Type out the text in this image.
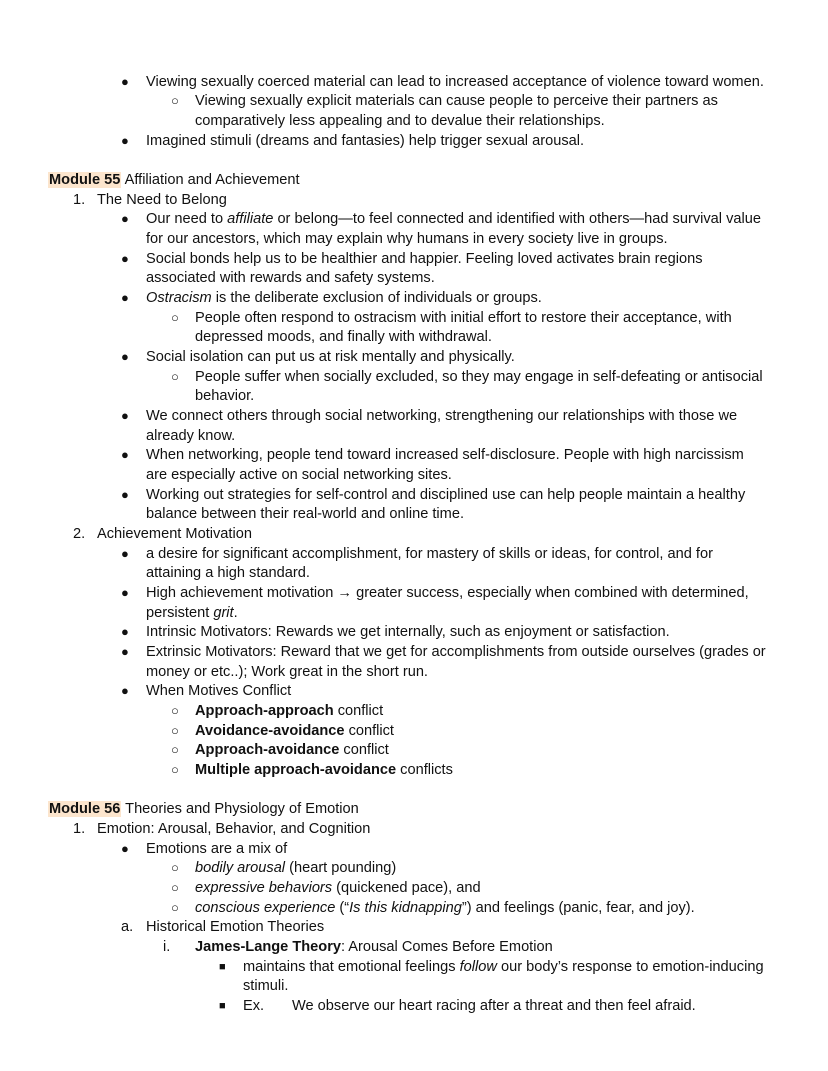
● Viewing sexually coerced material can lead to increased acceptance of violence toward women.
○ Viewing sexually explicit materials can cause people to perceive their partners as
comparatively less appealing and to devalue their relationships.
● Imagined stimuli (dreams and fantasies) help trigger sexual arousal.
Module 55 Affiliation and Achievement
1. The Need to Belong
● Our need to affiliate or belong—to feel connected and identified with others—had survival value
for our ancestors, which may explain why humans in every society live in groups.
● Social bonds help us to be healthier and happier. Feeling loved activates brain regions
associated with rewards and safety systems.
● Ostracism is the deliberate exclusion of individuals or groups.
○ People often respond to ostracism with initial effort to restore their acceptance, with
depressed moods, and finally with withdrawal.
● Social isolation can put us at risk mentally and physically.
○ People suffer when socially excluded, so they may engage in self-defeating or antisocial
behavior.
● We connect others through social networking, strengthening our relationships with those we
already know.
● When networking, people tend toward increased self-disclosure. People with high narcissism
are especially active on social networking sites.
● Working out strategies for self-control and disciplined use can help people maintain a healthy
balance between their real-world and online time.
2. Achievement Motivation
● a desire for significant accomplishment, for mastery of skills or ideas, for control, and for
attaining a high standard.
● High achievement motivation → greater success, especially when combined with determined,
persistent grit.
● Intrinsic Motivators: Rewards we get internally, such as enjoyment or satisfaction.
● Extrinsic Motivators: Reward that we get for accomplishments from outside ourselves (grades or
money or etc..); Work great in the short run.
● When Motives Conflict
○ Approach-approach conflict
○ Avoidance-avoidance conflict
○ Approach-avoidance conflict
○ Multiple approach-avoidance conflicts
Module 56 Theories and Physiology of Emotion
1. Emotion: Arousal, Behavior, and Cognition
● Emotions are a mix of
○ bodily arousal (heart pounding)
○ expressive behaviors (quickened pace), and
○ conscious experience (“Is this kidnapping”) and feelings (panic, fear, and joy).
a. Historical Emotion Theories
i. James-Lange Theory: Arousal Comes Before Emotion
■ maintains that emotional feelings follow our body’s response to emotion-inducing
stimuli.
■ Ex. We observe our heart racing after a threat and then feel afraid.
